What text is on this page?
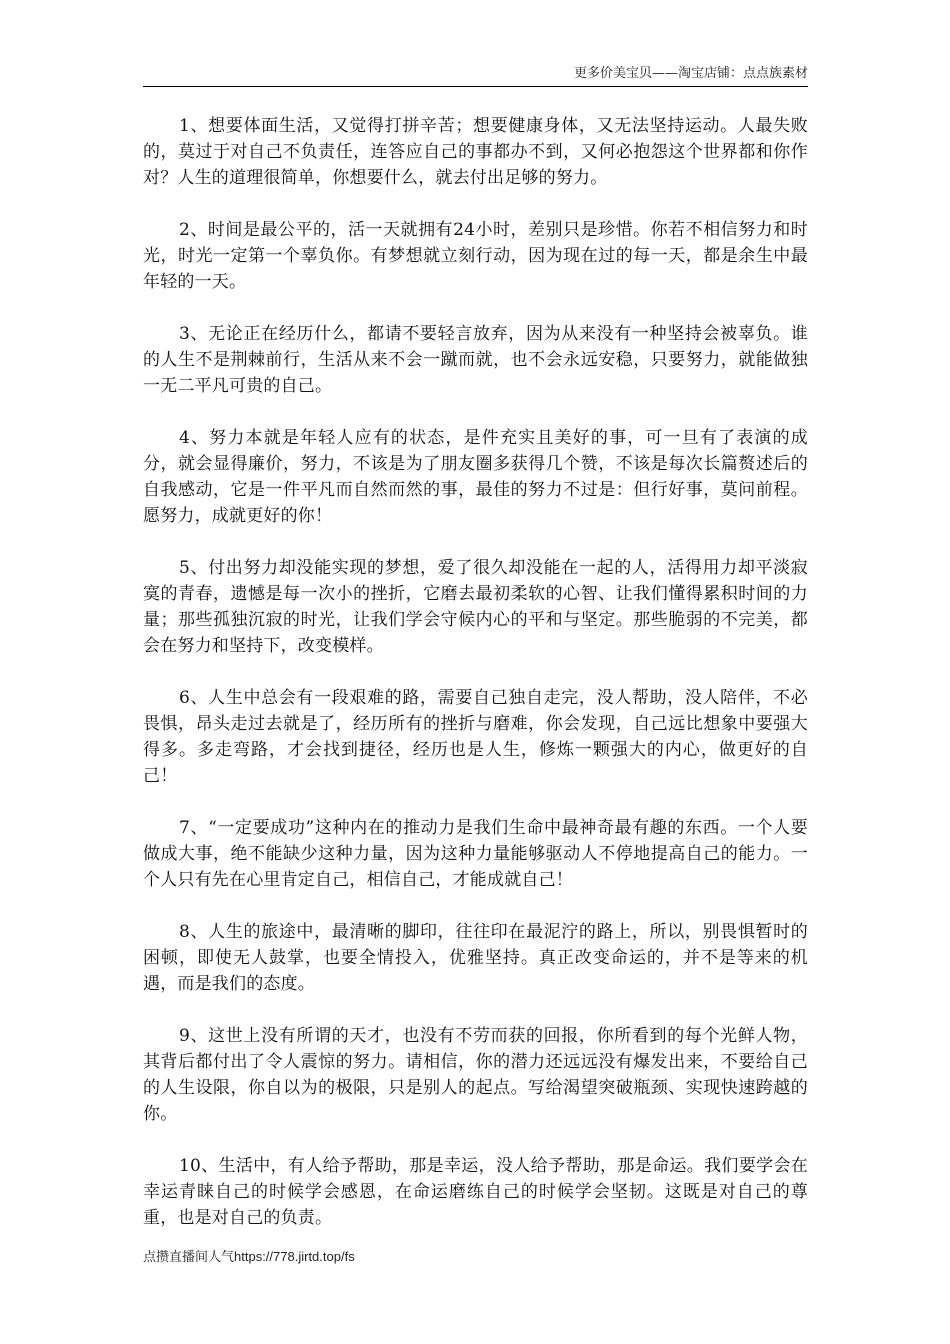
更多价美宝贝——淘宝店铺：点点族素材

1、想要体面生活，又觉得打拼辛苦；想要健康身体，又无法坚持运动。人最失败的，莫过于对自己不负责任，连答应自己的事都办不到，又何必抱怨这个世界都和你作对？人生的道理很简单，你想要什么，就去付出足够的努力。

2、时间是最公平的，活一天就拥有24小时，差别只是珍惜。你若不相信努力和时光，时光一定第一个辜负你。有梦想就立刻行动，因为现在过的每一天，都是余生中最年轻的一天。

3、无论正在经历什么，都请不要轻言放弃，因为从来没有一种坚持会被辜负。谁的人生不是荆棘前行，生活从来不会一蹴而就，也不会永远安稳，只要努力，就能做独一无二平凡可贵的自己。

4、努力本就是年轻人应有的状态，是件充实且美好的事，可一旦有了表演的成分，就会显得廉价，努力，不该是为了朋友圈多获得几个赞，不该是每次长篇赘述后的自我感动，它是一件平凡而自然而然的事，最佳的努力不过是：但行好事，莫问前程。愿努力，成就更好的你！

5、付出努力却没能实现的梦想，爱了很久却没能在一起的人，活得用力却平淡寂寞的青春，遗憾是每一次小的挫折，它磨去最初柔软的心智、让我们懂得累积时间的力量；那些孤独沉寂的时光，让我们学会守候内心的平和与坚定。那些脆弱的不完美，都会在努力和坚持下，改变模样。

6、人生中总会有一段艰难的路，需要自己独自走完，没人帮助，没人陪伴，不必畏惧，昂头走过去就是了，经历所有的挫折与磨难，你会发现，自己远比想象中要强大得多。多走弯路，才会找到捷径，经历也是人生，修炼一颗强大的内心，做更好的自己！

7、“一定要成功”这种内在的推动力是我们生命中最神奇最有趣的东西。一个人要做成大事，绝不能缺少这种力量，因为这种力量能够驱动人不停地提高自己的能力。一个人只有先在心里肯定自己，相信自己，才能成就自己！

8、人生的旅途中，最清晰的脚印，往往印在最泥泞的路上，所以，别畏惧暂时的困顿，即使无人鼓掌，也要全情投入，优雅坚持。真正改变命运的，并不是等来的机遇，而是我们的态度。

9、这世上没有所谓的天才，也没有不劳而获的回报，你所看到的每个光鲜人物，其背后都付出了令人震惊的努力。请相信，你的潜力还远远没有爆发出来，不要给自己的人生设限，你自以为的极限，只是别人的起点。写给渴望突破瓶颈、实现快速跨越的你。

10、生活中，有人给予帮助，那是幸运，没人给予帮助，那是命运。我们要学会在幸运青睐自己的时候学会感恩，在命运磨练自己的时候学会坚韧。这既是对自己的尊重，也是对自己的负责。

点攒直播间人气https://778.jirtd.top/fs
